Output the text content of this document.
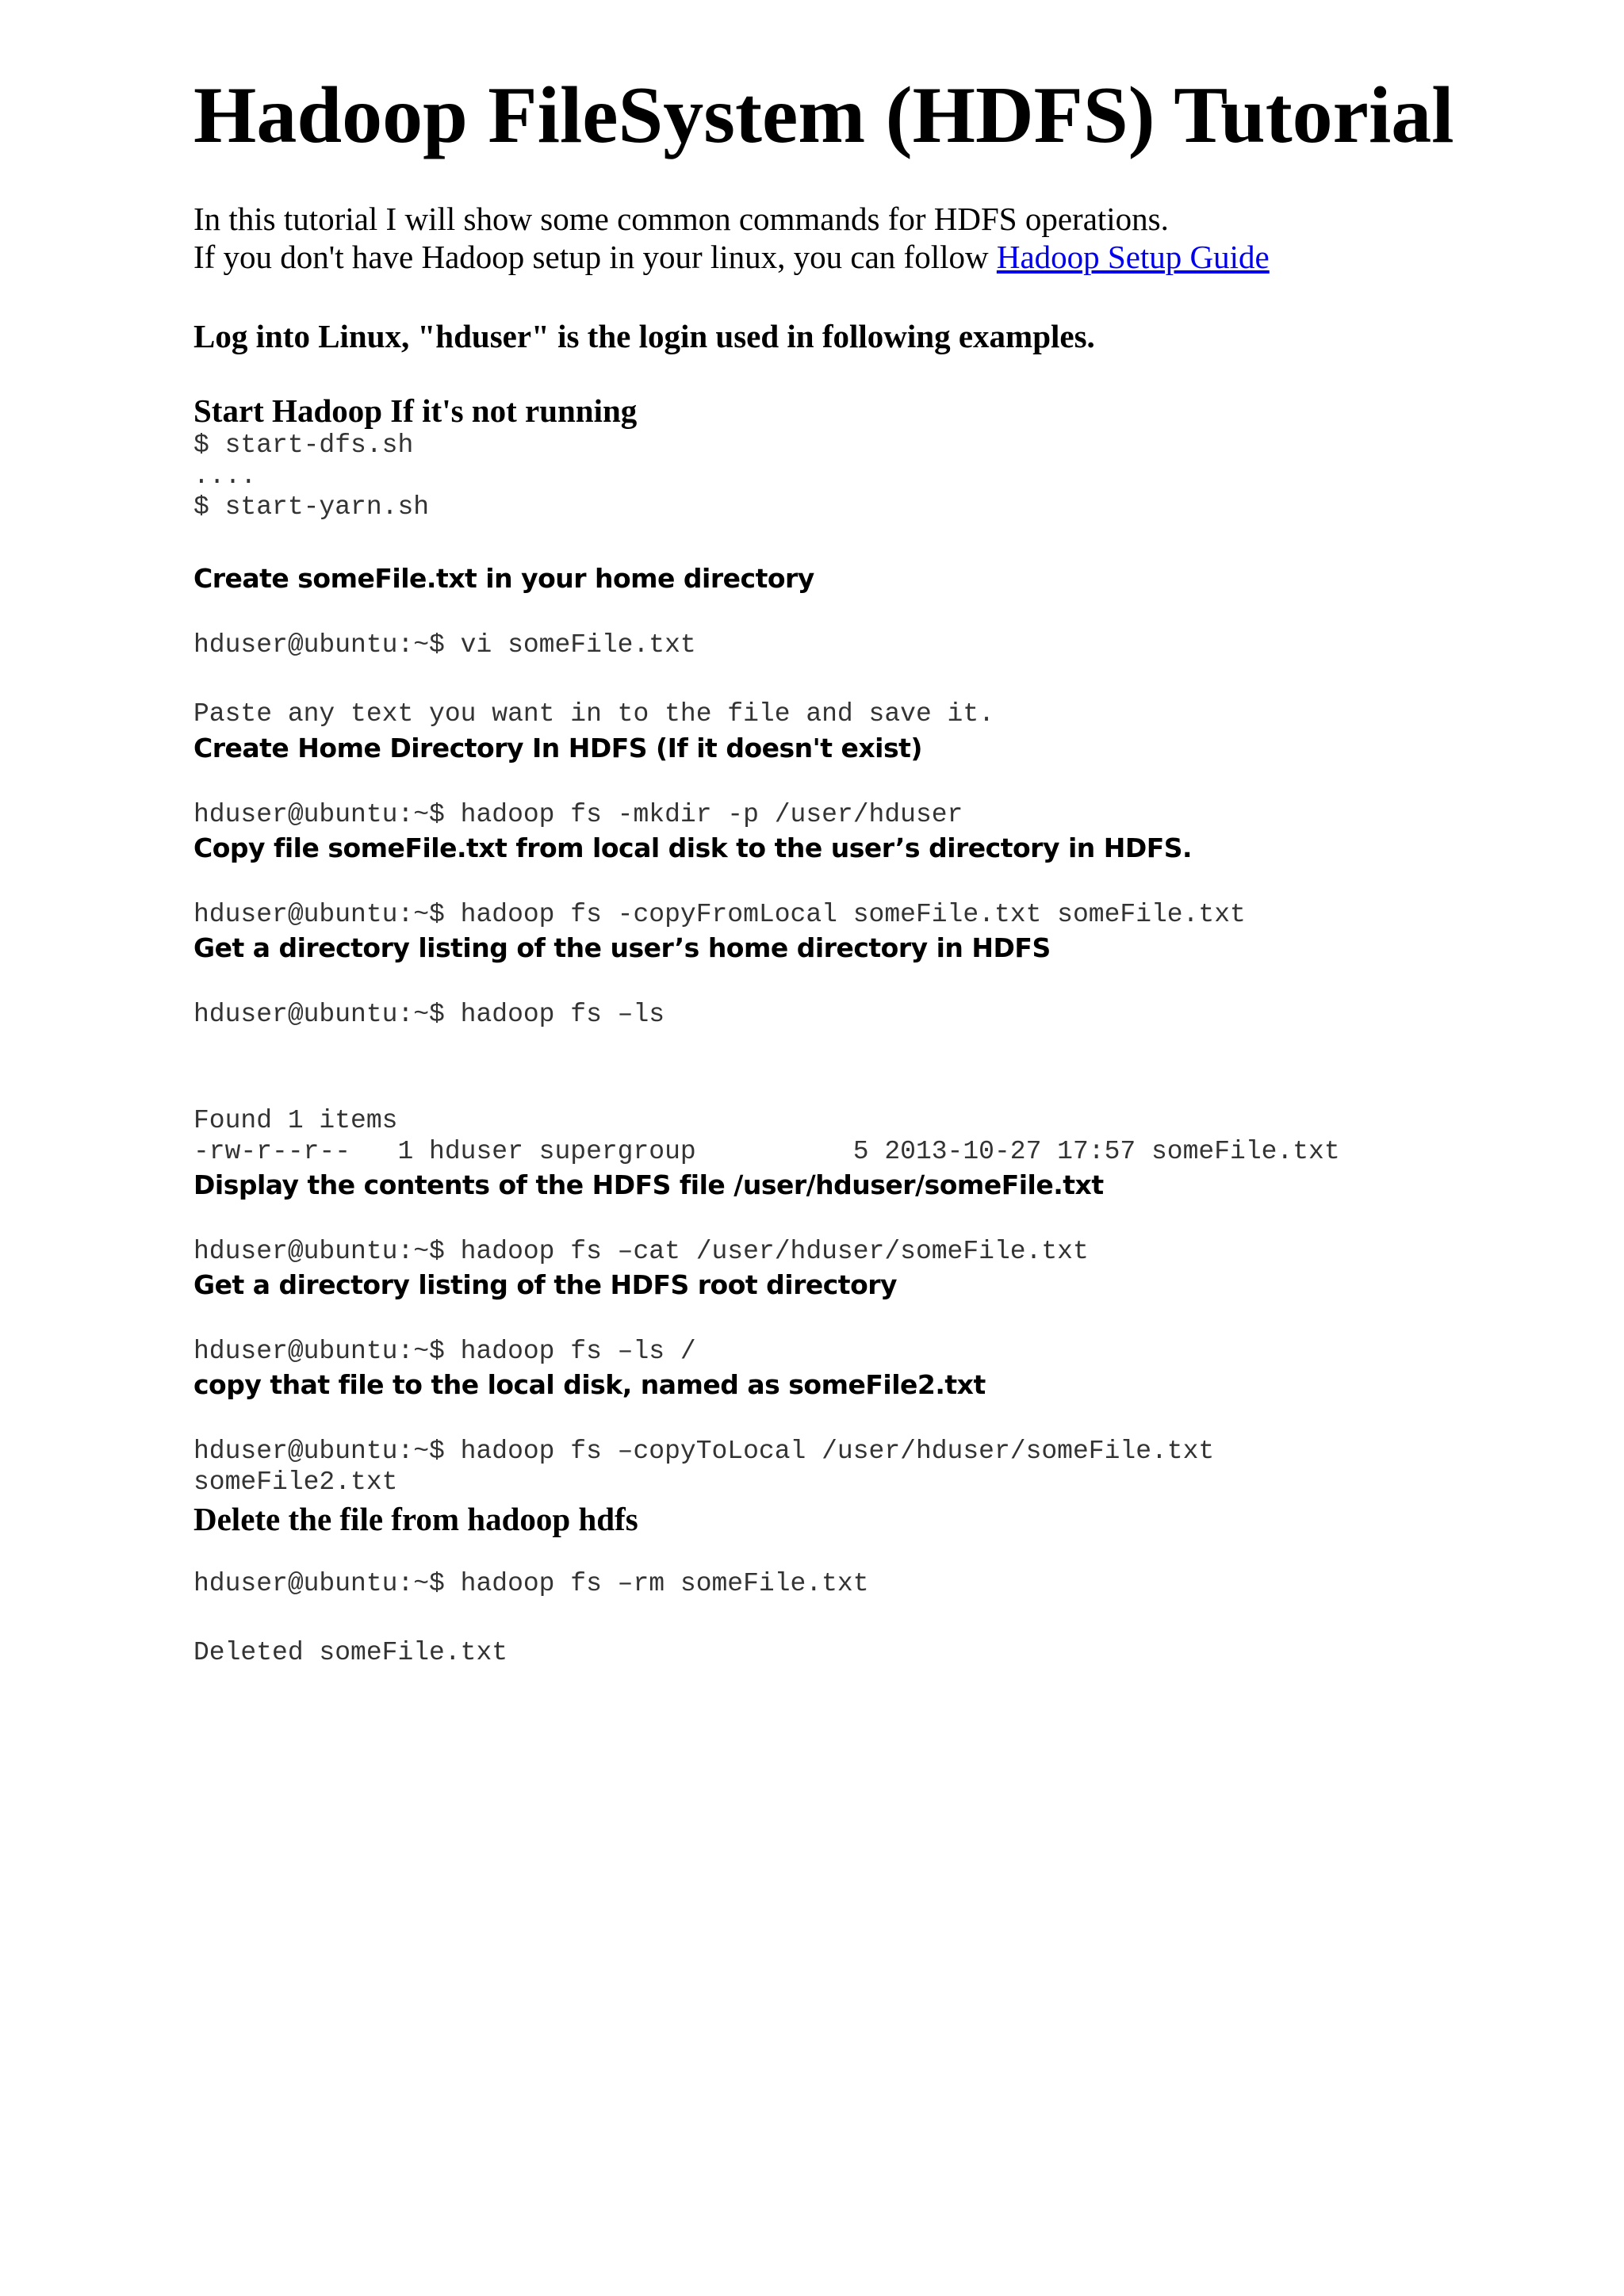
Hadoop FileSystem (HDFS) Tutorial
In this tutorial I will show some common commands for HDFS operations.
If you don't have Hadoop setup in your linux, you can follow Hadoop Setup Guide
Log into Linux, "hduser" is the login used in following examples.
Start Hadoop If it's not running
$ start-dfs.sh
....
$ start-yarn.sh
Create someFile.txt in your home directory
hduser@ubuntu:~$ vi someFile.txt
Paste any text you want in to the file and save it.
Create Home Directory In HDFS (If it doesn't exist)
hduser@ubuntu:~$ hadoop fs -mkdir -p /user/hduser
Copy file someFile.txt from local disk to the user’s directory in HDFS.
hduser@ubuntu:~$ hadoop fs -copyFromLocal someFile.txt someFile.txt
Get a directory listing of the user’s home directory in HDFS
hduser@ubuntu:~$ hadoop fs –ls
Found 1 items
-rw-r--r--   1 hduser supergroup          5 2013-10-27 17:57 someFile.txt
Display the contents of the HDFS file /user/hduser/someFile.txt
hduser@ubuntu:~$ hadoop fs –cat /user/hduser/someFile.txt
Get a directory listing of the HDFS root directory
hduser@ubuntu:~$ hadoop fs –ls /
copy that file to the local disk, named as someFile2.txt
hduser@ubuntu:~$ hadoop fs –copyToLocal /user/hduser/someFile.txt
someFile2.txt
Delete the file from hadoop hdfs
hduser@ubuntu:~$ hadoop fs –rm someFile.txt
Deleted someFile.txt
